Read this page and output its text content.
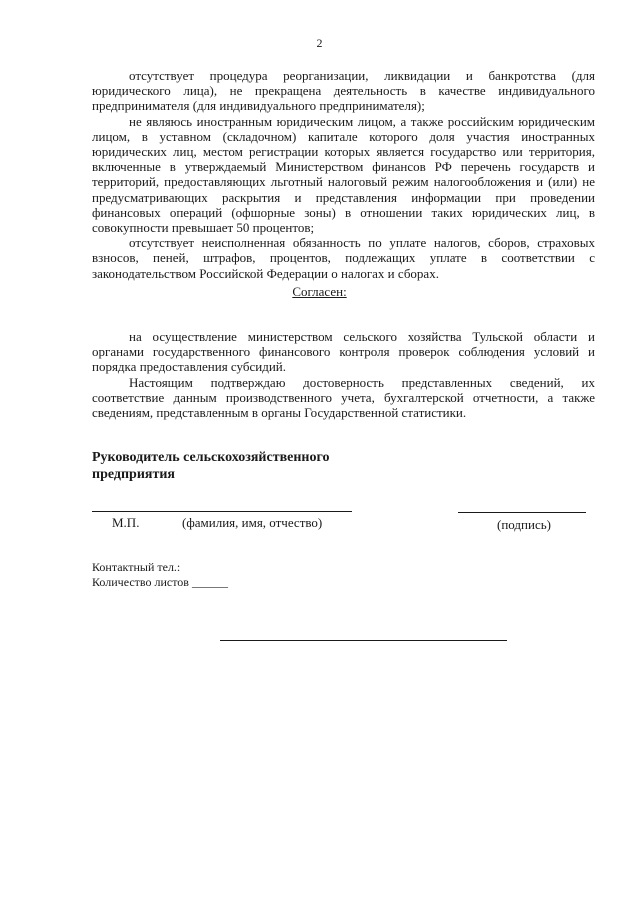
2

отсутствует процедура реорганизации, ликвидации и банкротства (для юридического лица), не прекращена деятельность в качестве индивидуального предпринимателя (для индивидуального предпринимателя);

не являюсь иностранным юридическим лицом, а также российским юридическим лицом, в уставном (складочном) капитале которого доля участия иностранных юридических лиц, местом регистрации которых является государство или территория, включенные в утверждаемый Министерством финансов РФ перечень государств и территорий, предоставляющих льготный налоговый режим налогообложения и (или) не предусматривающих раскрытия и представления информации при проведении финансовых операций (офшорные зоны) в отношении таких юридических лиц, в совокупности превышает 50 процентов;

отсутствует неисполненная обязанность по уплате налогов, сборов, страховых взносов, пеней, штрафов, процентов, подлежащих уплате в соответствии с законодательством Российской Федерации о налогах и сборах.

Согласен:

на осуществление министерством сельского хозяйства Тульской области и органами государственного финансового контроля проверок соблюдения условий и порядка предоставления субсидий.

Настоящим подтверждаю достоверность представленных сведений, их соответствие данным производственного учета, бухгалтерской отчетности, а также сведениям, представленным в органы Государственной статистики.

Руководитель сельскохозяйственного предприятия
М.П.	(фамилия, имя, отчество)	(подпись)
Контактный тел.:
Количество листов ______
